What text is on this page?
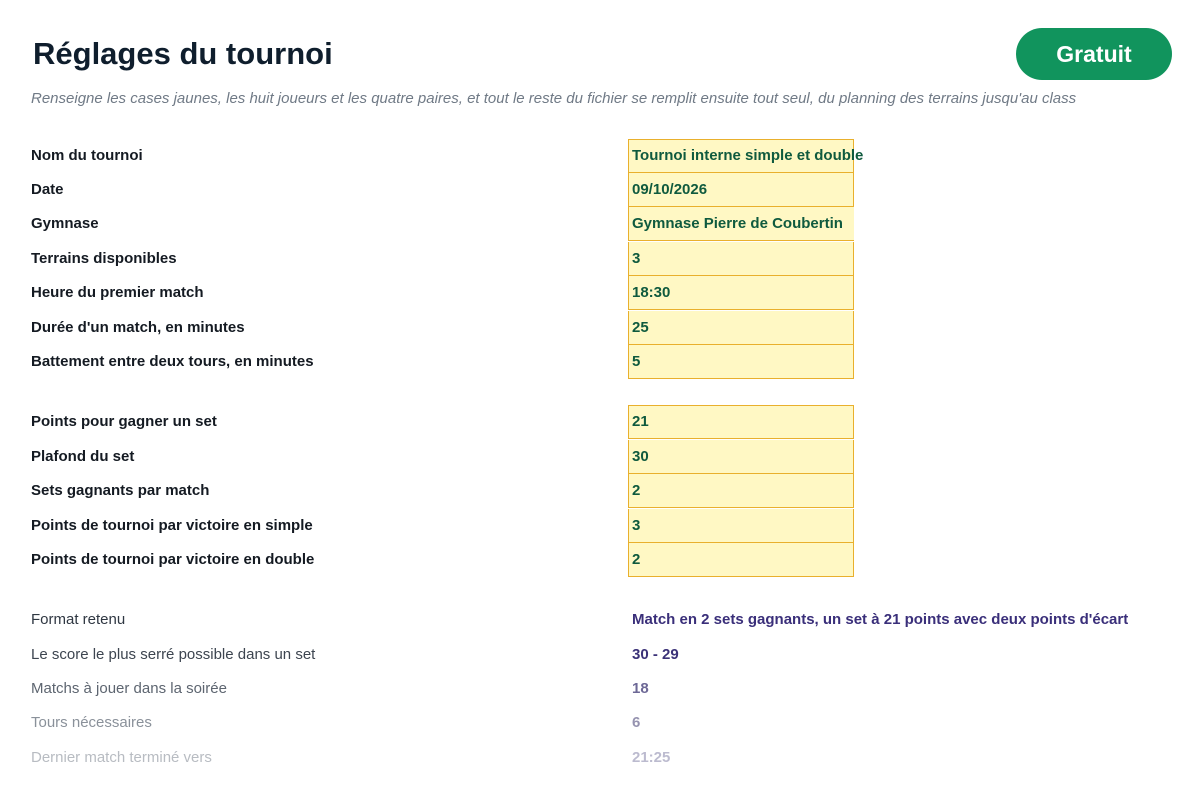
Réglages du tournoi	Gratuit
Renseigne les cases jaunes, les huit joueurs et les quatre paires, et tout le reste du fichier se remplit ensuite tout seul, du planning des terrains jusqu'au class
Nom du tournoi	Tournoi interne simple et double
Date	09/10/2026
Gymnase	Gymnase Pierre de Coubertin
Terrains disponibles	3
Heure du premier match	18:30
Durée d'un match, en minutes	25
Battement entre deux tours, en minutes	5
Points pour gagner un set	21
Plafond du set	30
Sets gagnants par match	2
Points de tournoi par victoire en simple	3
Points de tournoi par victoire en double	2
Format retenu	Match en 2 sets gagnants, un set à 21 points avec deux points d'écart
Le score le plus serré possible dans un set	30 - 29
Matchs à jouer dans la soirée	18
Tours nécessaires	6
Dernier match terminé vers	21:25
